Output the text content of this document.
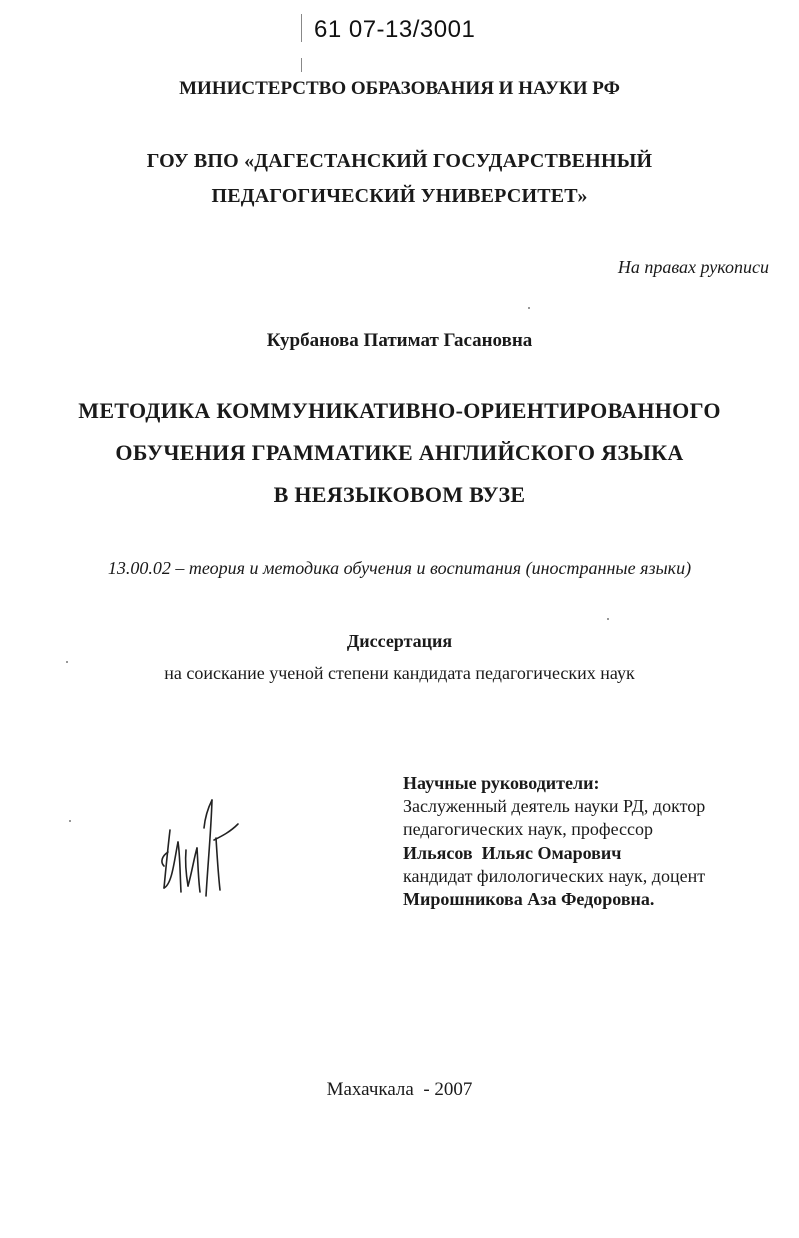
61 07-13/3001
МИНИСТЕРСТВО ОБРАЗОВАНИЯ И НАУКИ РФ
ГОУ ВПО «ДАГЕСТАНСКИЙ ГОСУДАРСТВЕННЫЙ
ПЕДАГОГИЧЕСКИЙ УНИВЕРСИТЕТ»
На правах рукописи
Курбанова Патимат Гасановна
МЕТОДИКА КОММУНИКАТИВНО-ОРИЕНТИРОВАННОГО
ОБУЧЕНИЯ ГРАММАТИКЕ АНГЛИЙСКОГО ЯЗЫКА
В НЕЯЗЫКОВОМ ВУЗЕ
13.00.02 – теория и методика обучения и воспитания (иностранные языки)
Диссертация
на соискание ученой степени кандидата педагогических наук
Научные руководители:
Заслуженный деятель науки РД, доктор
педагогических наук, профессор
Ильясов  Ильяс Омарович
кандидат филологических наук, доцент
Мирошникова Аза Федоровна.
Махачкала  - 2007
